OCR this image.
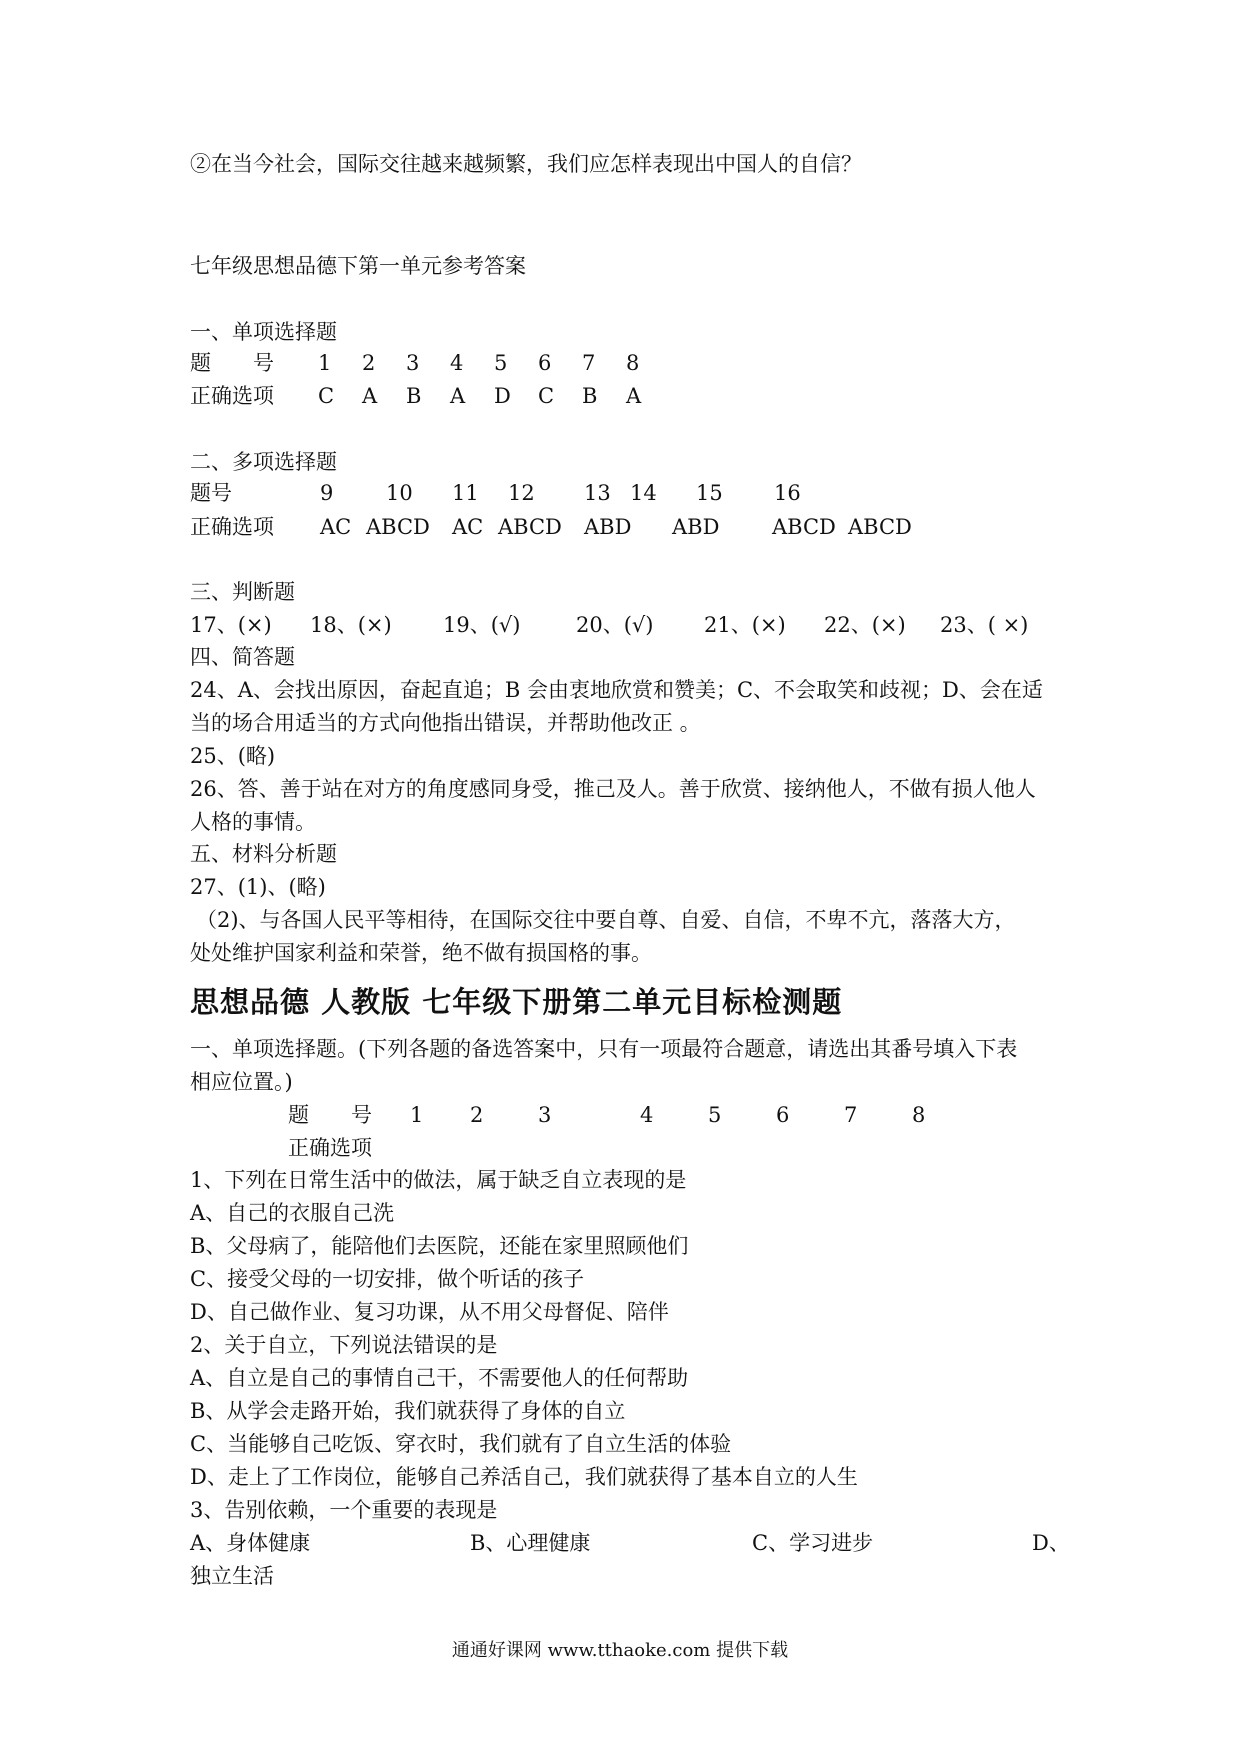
②在当今社会，国际交往越来越频繁，我们应怎样表现出中国人的自信？
七年级思想品德下第一单元参考答案
一、单项选择题
题　　号 1 2 3 4 5 6 7 8
正确选项 C A B A D C B A
二、多项选择题
题号	9	10 11 12 13 14 15 16
正确选项 AC ABCD AC ABCD ABD ABD	ABCD ABCD
三、判断题
17、(×) 18、(×) 19、(√)	20、(√) 21、(×) 22、(×) 23、( ×)
四、简答题
24、A、会找出原因，奋起直追；B 会由衷地欣赏和赞美；C、不会取笑和歧视；D、会在适
当的场合用适当的方式向他指出错误，并帮助他改正 。
25、(略)
26、答、善于站在对方的角度感同身受，推己及人。善于欣赏、接纳他人，不做有损人他人
人格的事情。
五、材料分析题
27、(1)、(略)
（2)、与各国人民平等相待，在国际交往中要自尊、自爱、自信，不卑不亢，落落大方，
处处维护国家利益和荣誉，绝不做有损国格的事。
思想品德 人教版 七年级下册第二单元目标检测题
一、单项选择题。(下列各题的备选答案中，只有一项最符合题意，请选出其番号填入下表
相应位置。)
题　　号 1 2	3	4	5	6	7	8
正确选项
1、下列在日常生活中的做法，属于缺乏自立表现的是
A、自己的衣服自己洗
B、父母病了，能陪他们去医院，还能在家里照顾他们
C、接受父母的一切安排，做个听话的孩子
D、自己做作业、复习功课，从不用父母督促、陪伴
2、关于自立，下列说法错误的是
A、自立是自己的事情自己干，不需要他人的任何帮助
B、从学会走路开始，我们就获得了身体的自立
C、当能够自己吃饭、穿衣时，我们就有了自立生活的体验
D、走上了工作岗位，能够自己养活自己，我们就获得了基本自立的人生
3、告别依赖，一个重要的表现是
A、身体健康	B、心理健康	C、学习进步	D、
独立生活
通通好课网 www.tthaoke.com 提供下载
